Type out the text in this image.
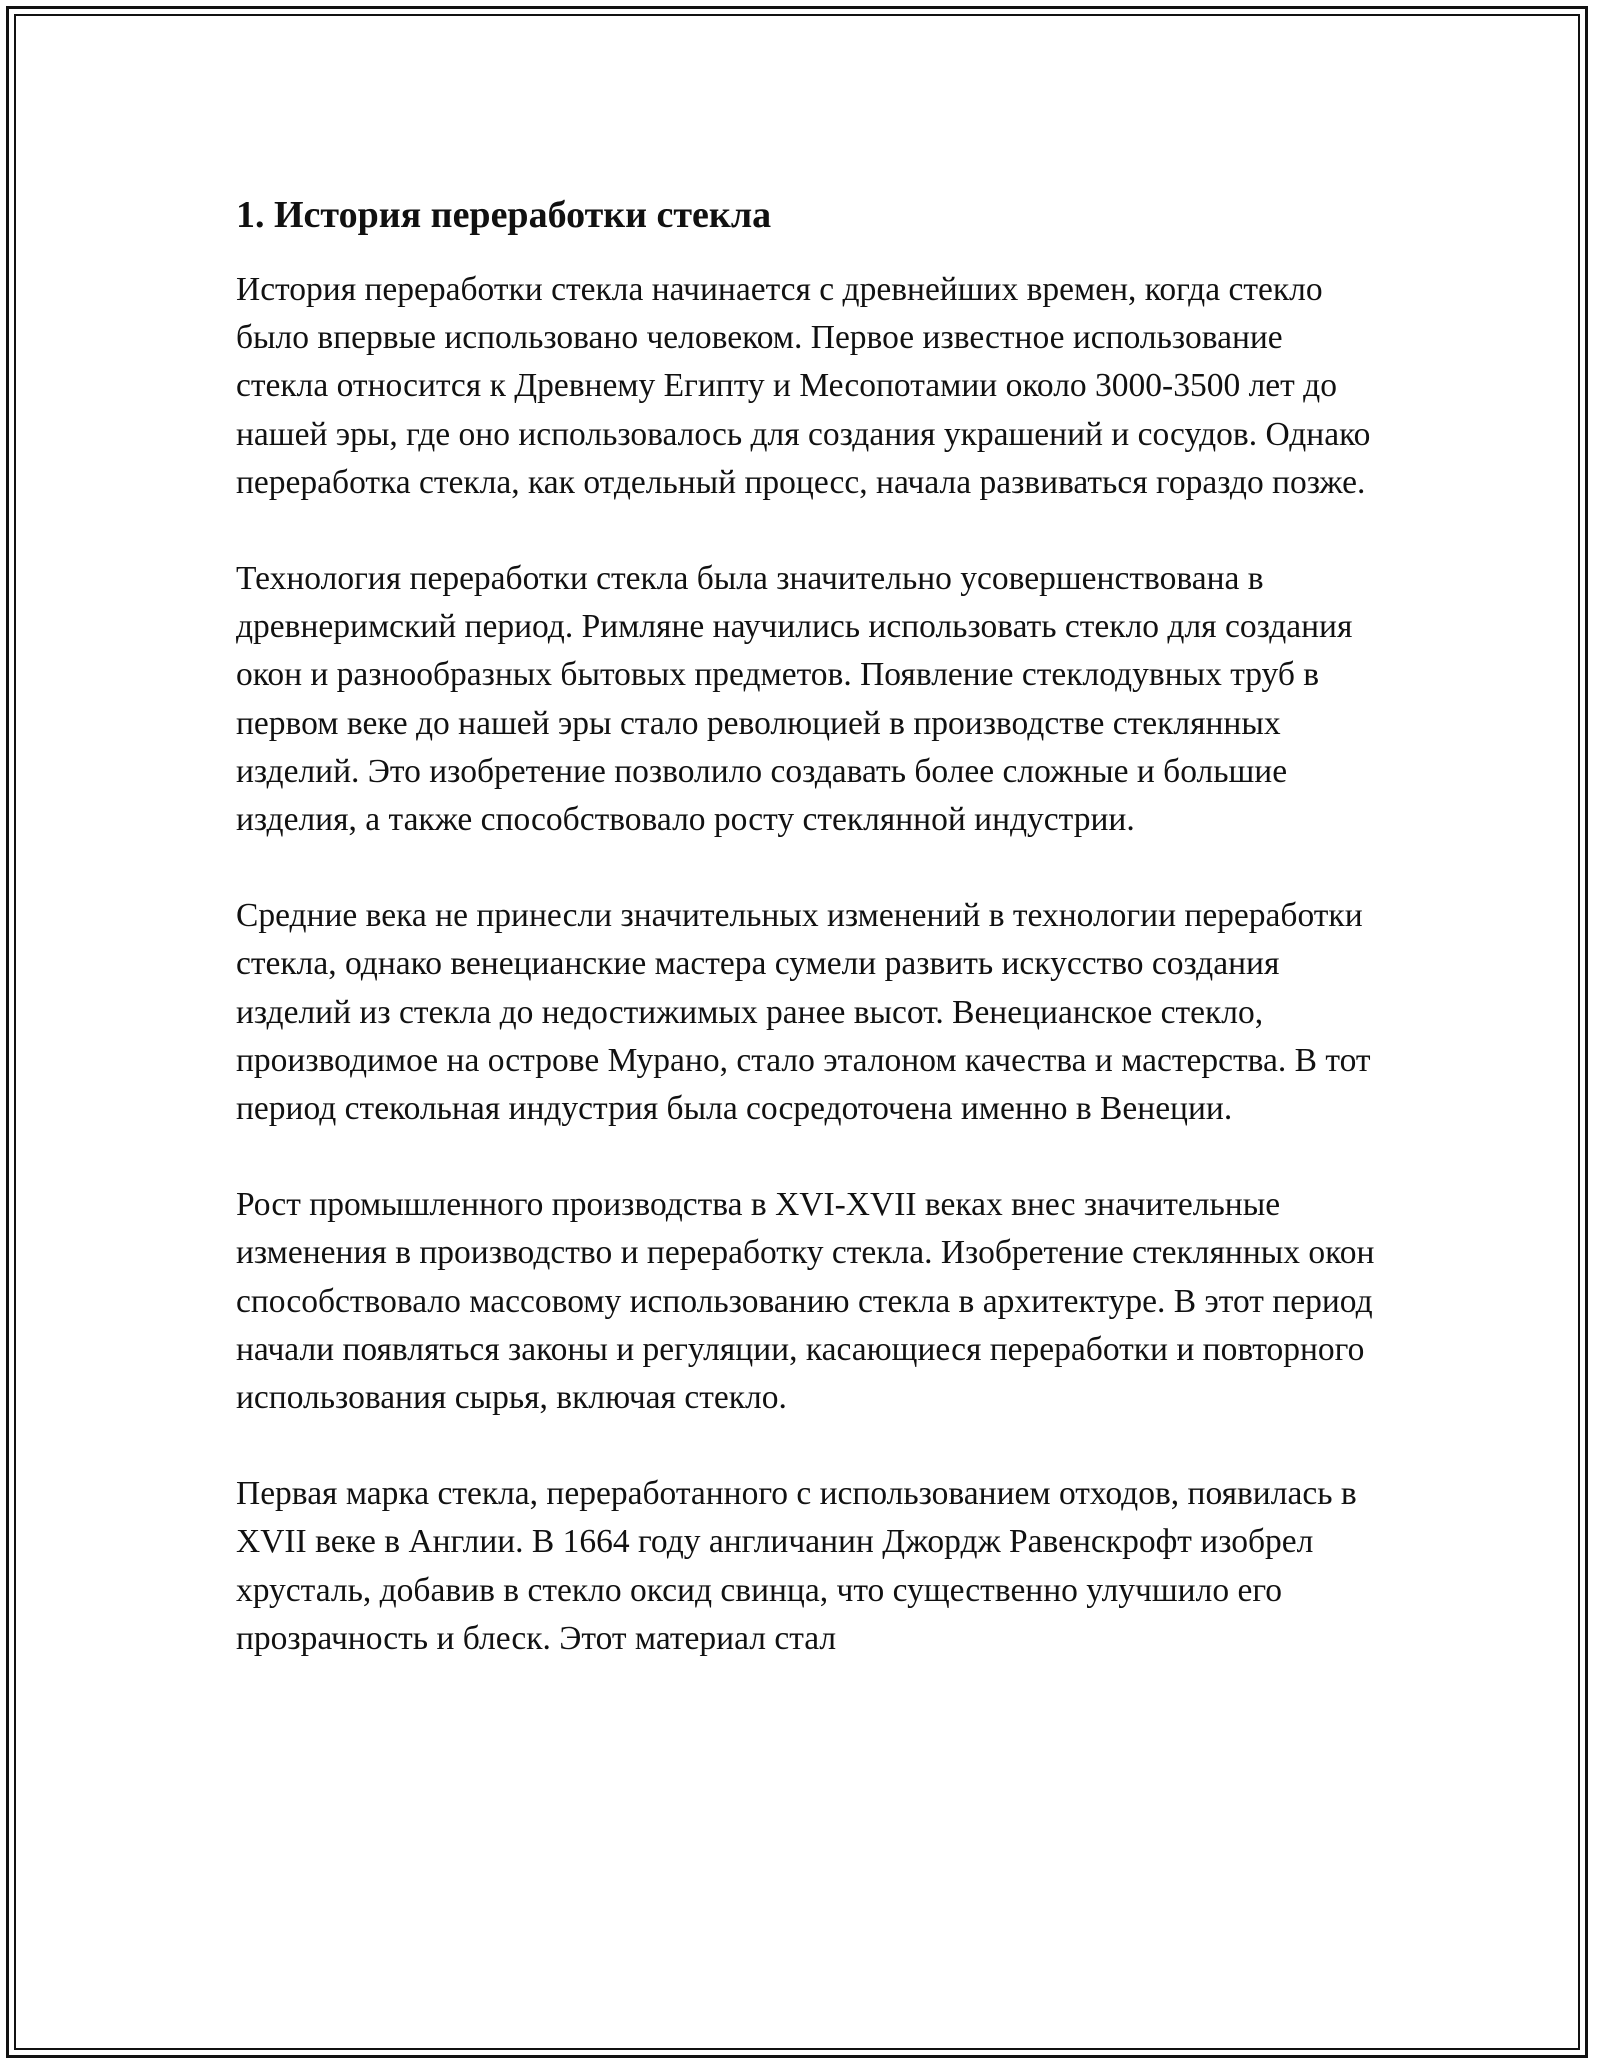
1. История переработки стекла

История переработки стекла начинается с древнейших времен, когда стекло было впервые использовано человеком. Первое известное использование стекла относится к Древнему Египту и Месопотамии около 3000-3500 лет до нашей эры, где оно использовалось для создания украшений и сосудов. Однако переработка стекла, как отдельный процесс, начала развиваться гораздо позже.

Технология переработки стекла была значительно усовершенствована в древнеримский период. Римляне научились использовать стекло для создания окон и разнообразных бытовых предметов. Появление стеклодувных труб в первом веке до нашей эры стало революцией в производстве стеклянных изделий. Это изобретение позволило создавать более сложные и большие изделия, а также способствовало росту стеклянной индустрии.

Средние века не принесли значительных изменений в технологии переработки стекла, однако венецианские мастера сумели развить искусство создания изделий из стекла до недостижимых ранее высот. Венецианское стекло, производимое на острове Мурано, стало эталоном качества и мастерства. В тот период стекольная индустрия была сосредоточена именно в Венеции.

Рост промышленного производства в XVI-XVII веках внес значительные изменения в производство и переработку стекла. Изобретение стеклянных окон способствовало массовому использованию стекла в архитектуре. В этот период начали появляться законы и регуляции, касающиеся переработки и повторного использования сырья, включая стекло.

Первая марка стекла, переработанного с использованием отходов, появилась в XVII веке в Англии. В 1664 году англичанин Джордж Равенскрофт изобрел хрусталь, добавив в стекло оксид свинца, что существенно улучшило его прозрачность и блеск. Этот материал стал
